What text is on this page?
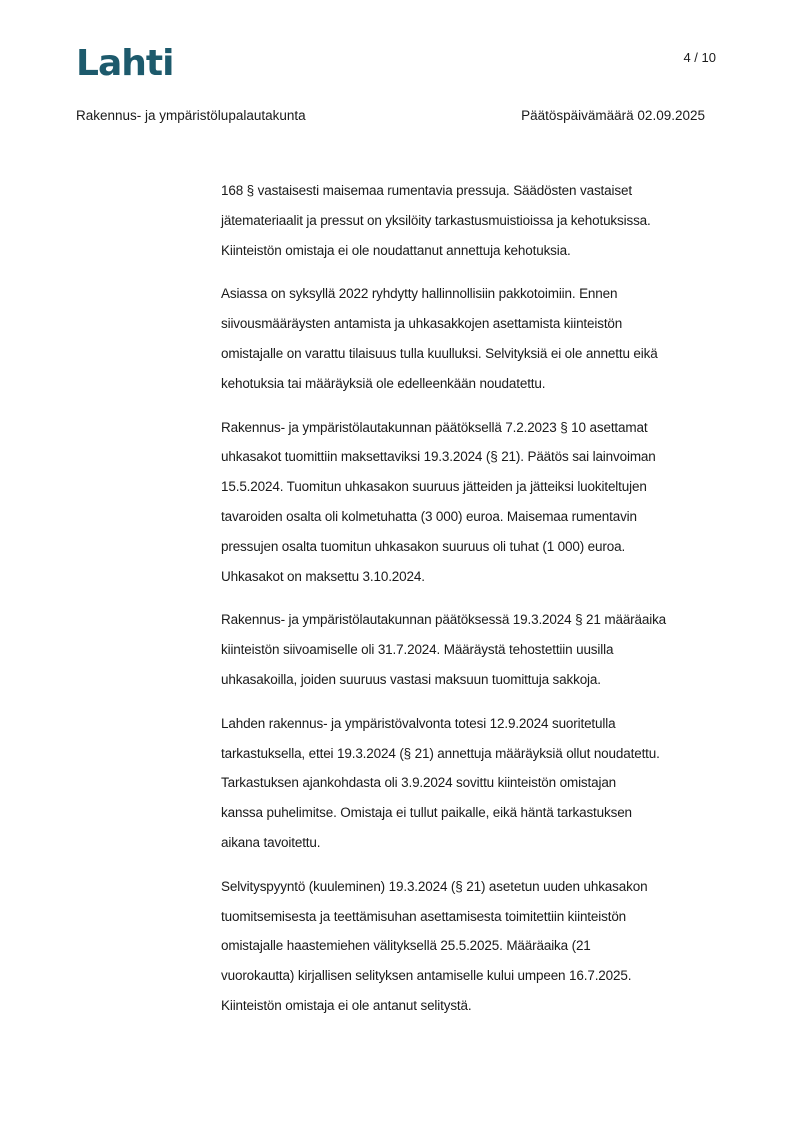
Lahti	4 / 10
Rakennus- ja ympäristölupalautakunta	Päätöspäivämäärä 02.09.2025

168 § vastaisesti maisemaa rumentavia pressuja. Säädösten vastaiset
jätemateriaalit ja pressut on yksilöity tarkastusmuistioissa ja kehotuksissa.
Kiinteistön omistaja ei ole noudattanut annettuja kehotuksia.

Asiassa on syksyllä 2022 ryhdytty hallinnollisiin pakkotoimiin. Ennen
siivousmääräysten antamista ja uhkasakkojen asettamista kiinteistön
omistajalle on varattu tilaisuus tulla kuulluksi. Selvityksiä ei ole annettu eikä
kehotuksia tai määräyksiä ole edelleenkään noudatettu.

Rakennus- ja ympäristölautakunnan päätöksellä 7.2.2023 § 10 asettamat
uhkasakot tuomittiin maksettaviksi 19.3.2024 (§ 21). Päätös sai lainvoiman
15.5.2024. Tuomitun uhkasakon suuruus jätteiden ja jätteiksi luokiteltujen
tavaroiden osalta oli kolmetuhatta (3 000) euroa. Maisemaa rumentavin
pressujen osalta tuomitun uhkasakon suuruus oli tuhat (1 000) euroa.
Uhkasakot on maksettu 3.10.2024.

Rakennus- ja ympäristölautakunnan päätöksessä 19.3.2024 § 21 määräaika
kiinteistön siivoamiselle oli 31.7.2024. Määräystä tehostettiin uusilla
uhkasakoilla, joiden suuruus vastasi maksuun tuomittuja sakkoja.

Lahden rakennus- ja ympäristövalvonta totesi 12.9.2024 suoritetulla
tarkastuksella, ettei 19.3.2024 (§ 21) annettuja määräyksiä ollut noudatettu.
Tarkastuksen ajankohdasta oli 3.9.2024 sovittu kiinteistön omistajan
kanssa puhelimitse. Omistaja ei tullut paikalle, eikä häntä tarkastuksen
aikana tavoitettu.

Selvityspyyntö (kuuleminen) 19.3.2024 (§ 21) asetetun uuden uhkasakon
tuomitsemisesta ja teettämisuhan asettamisesta toimitettiin kiinteistön
omistajalle haastemiehen välityksellä 25.5.2025. Määräaika (21
vuorokautta) kirjallisen selityksen antamiselle kului umpeen 16.7.2025.
Kiinteistön omistaja ei ole antanut selitystä.
